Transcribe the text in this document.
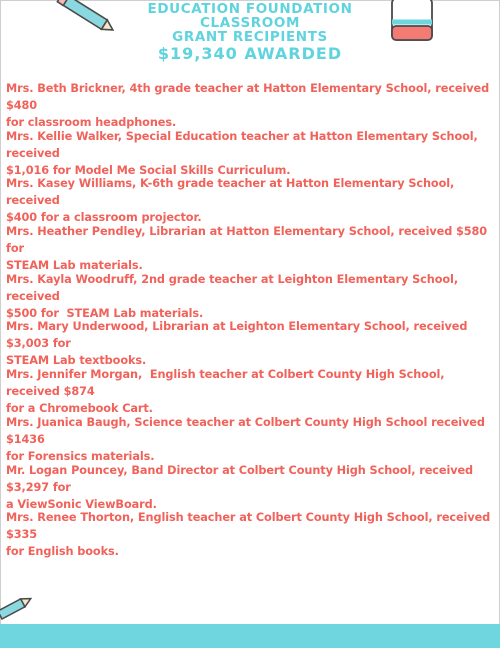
EDUCATION FOUNDATION
CLASSROOM
GRANT RECIPIENTS
$19,340 AWARDED
Mrs. Beth Brickner, 4th grade teacher at Hatton Elementary School, received  $480
for classroom headphones.
Mrs. Kellie Walker, Special Education teacher at Hatton Elementary School, received
$1,016 for Model Me Social Skills Curriculum.
Mrs. Kasey Williams, K-6th grade teacher at Hatton Elementary School, received
$400 for a classroom projector.
Mrs. Heather Pendley, Librarian at Hatton Elementary School, received $580 for
STEAM Lab materials.
Mrs. Kayla Woodruff, 2nd grade teacher at Leighton Elementary School, received
$500 for  STEAM Lab materials.
Mrs. Mary Underwood, Librarian at Leighton Elementary School, received $3,003 for
STEAM Lab textbooks.
Mrs. Jennifer Morgan,  English teacher at Colbert County High School, received $874
for a Chromebook Cart.
Mrs. Juanica Baugh, Science teacher at Colbert County High School received $1436
for Forensics materials.
Mr. Logan Pouncey, Band Director at Colbert County High School, received $3,297 for
a ViewSonic ViewBoard.
Mrs. Renee Thorton, English teacher at Colbert County High School, received $335
for English books.
